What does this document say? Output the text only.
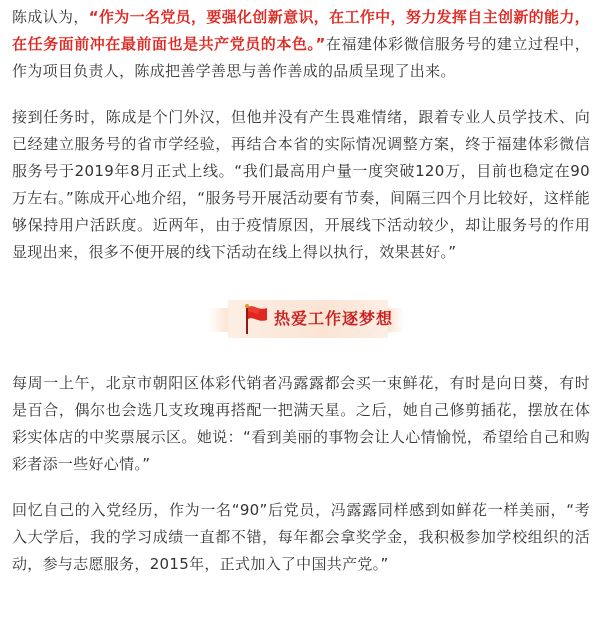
陈成认为，“作为一名党员，要强化创新意识，在工作中，努力发挥自主创新的能力，在任务面前冲在最前面也是共产党员的本色。”在福建体彩微信服务号的建立过程中，作为项目负责人，陈成把善学善思与善作善成的品质呈现了出来。

接到任务时，陈成是个门外汉，但他并没有产生畏难情绪，跟着专业人员学技术、向已经建立服务号的省市学经验，再结合本省的实际情况调整方案，终于福建体彩微信服务号于2019年8月正式上线。“我们最高用户量一度突破120万，目前也稳定在90万左右。”陈成开心地介绍，“服务号开展活动要有节奏，间隔三四个月比较好，这样能够保持用户活跃度。近两年，由于疫情原因，开展线下活动较少，却让服务号的作用显现出来，很多不便开展的线下活动在线上得以执行，效果甚好。”

热爱工作逐梦想

每周一上午，北京市朝阳区体彩代销者冯露露都会买一束鲜花，有时是向日葵，有时是百合，偶尔也会选几支玫瑰再搭配一把满天星。之后，她自己修剪插花，摆放在体彩实体店的中奖票展示区。她说：“看到美丽的事物会让人心情愉悦，希望给自己和购彩者添一些好心情。”

回忆自己的入党经历，作为一名“90”后党员，冯露露同样感到如鲜花一样美丽，“考入大学后，我的学习成绩一直都不错，每年都会拿奖学金，我积极参加学校组织的活动，参与志愿服务，2015年，正式加入了中国共产党。”
